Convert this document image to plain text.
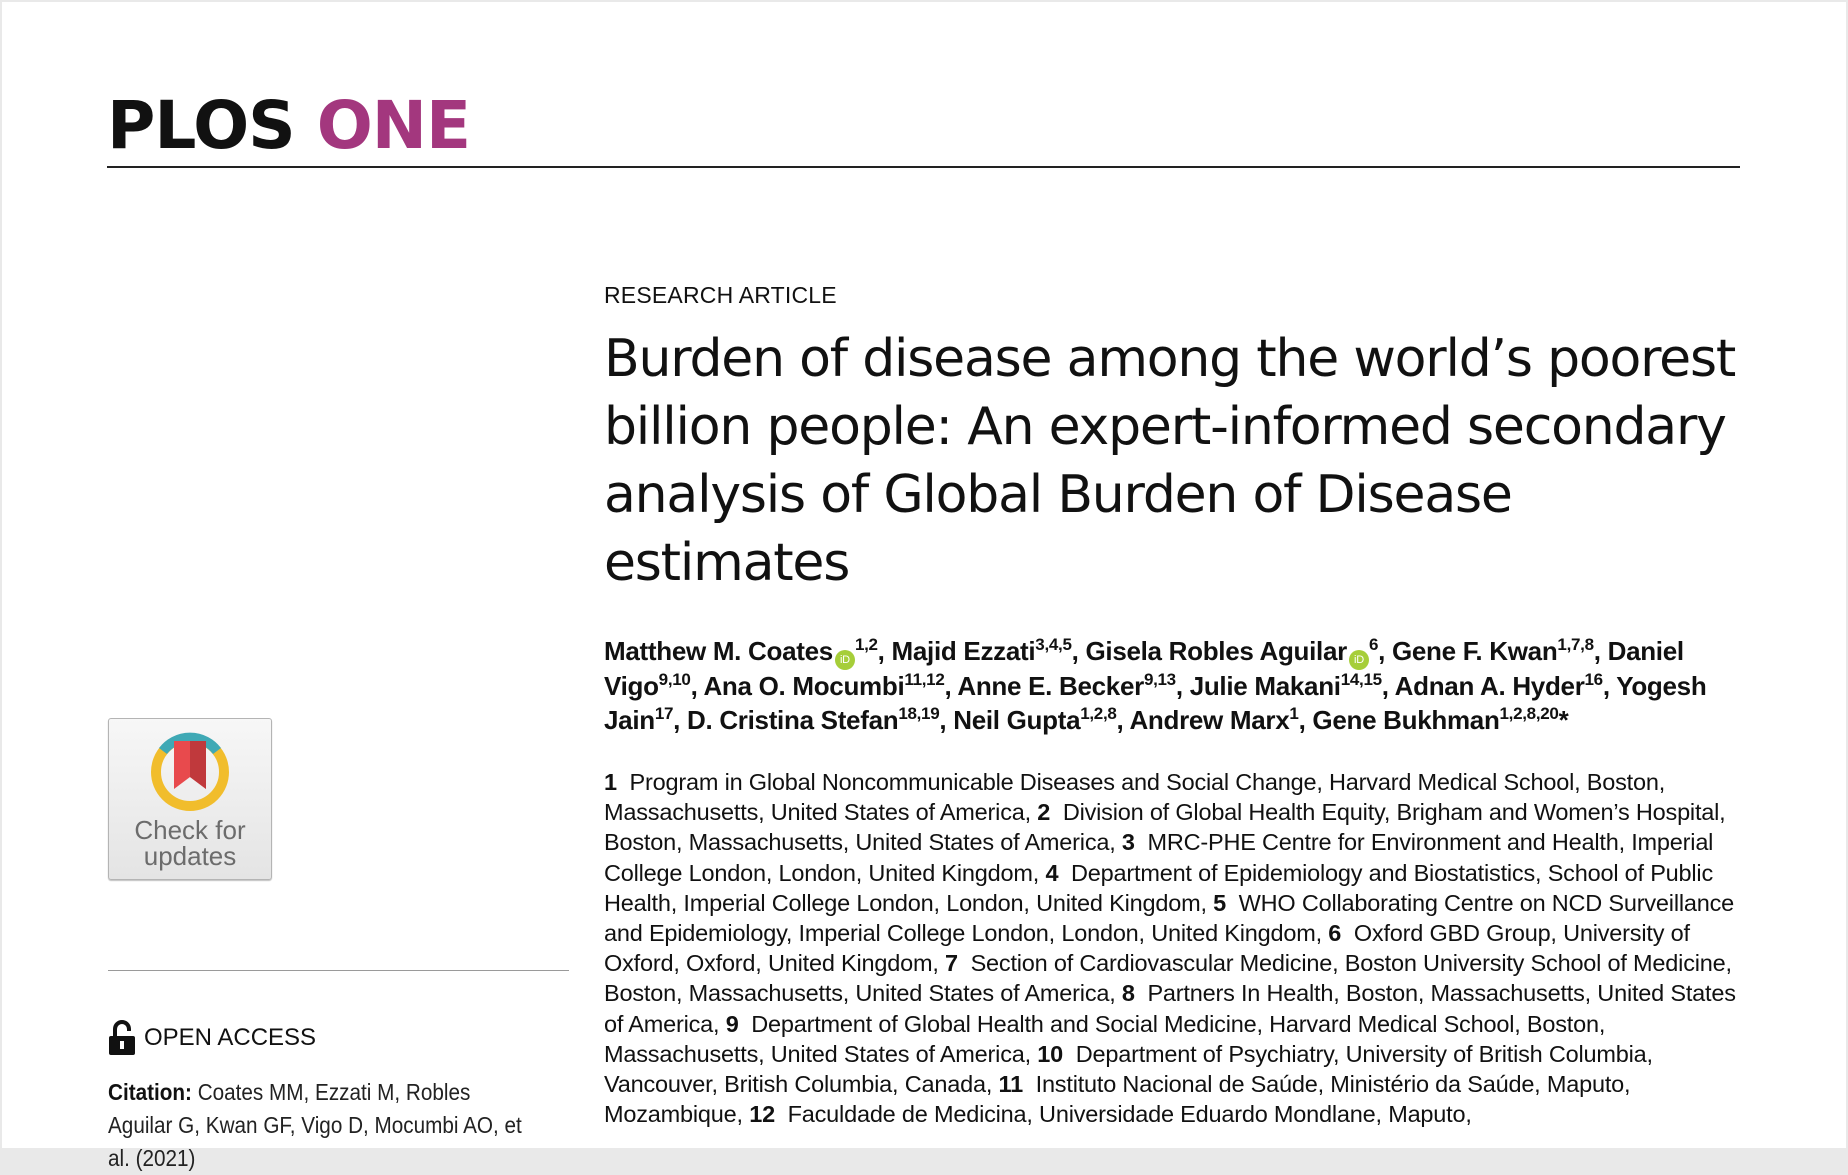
PLOS ONE
Check for
updates
OPEN ACCESS
Citation: Coates MM, Ezzati M, Robles Aguilar G, Kwan GF, Vigo D, Mocumbi AO, et al. (2021)
RESEARCH ARTICLE
Burden of disease among the world’s poorest billion people: An expert-informed secondary analysis of Global Burden of Disease estimates
Matthew M. Coates iD$^{1,2}$, Majid Ezzati$^{3,4,5}$, Gisela Robles Aguilar $iD^6$, Gene F. Kwan$^{1,7,8}$, Daniel Vigo$^{9,10}$, Ana O. Mocumbi$^{11,12}$, Anne E. Becker$^{9,13}$, Julie Makani$^{14,15}$, Adnan A. Hyder$^{16}$, Yogesh Jain$^{17}$, D. Cristina Stefan$^{18,19}$, Neil Gupta$^{1,2,8}$, Andrew Marx$^1$, Gene Bukhman$^{1,2,8,20}$*
1  Program in Global Noncommunicable Diseases and Social Change, Harvard Medical School, Boston, Massachusetts, United States of America, 2  Division of Global Health Equity, Brigham and Women’s Hospital, Boston, Massachusetts, United States of America, 3  MRC-PHE Centre for Environment and Health, Imperial College London, London, United Kingdom, 4  Department of Epidemiology and Biostatistics, School of Public Health, Imperial College London, London, United Kingdom, 5  WHO Collaborating Centre on NCD Surveillance and Epidemiology, Imperial College London, London, United Kingdom, 6  Oxford GBD Group, University of Oxford, Oxford, United Kingdom, 7  Section of Cardiovascular Medicine, Boston University School of Medicine, Boston, Massachusetts, United States of America, 8  Partners In Health, Boston, Massachusetts, United States of America, 9  Department of Global Health and Social Medicine, Harvard Medical School, Boston, Massachusetts, United States of America, 10  Department of Psychiatry, University of British Columbia, Vancouver, British Columbia, Canada, 11  Instituto Nacional de Saúde, Ministério da Saúde, Maputo, Mozambique, 12  Faculdade de Medicina, Universidade Eduardo Mondlane, Maputo,
